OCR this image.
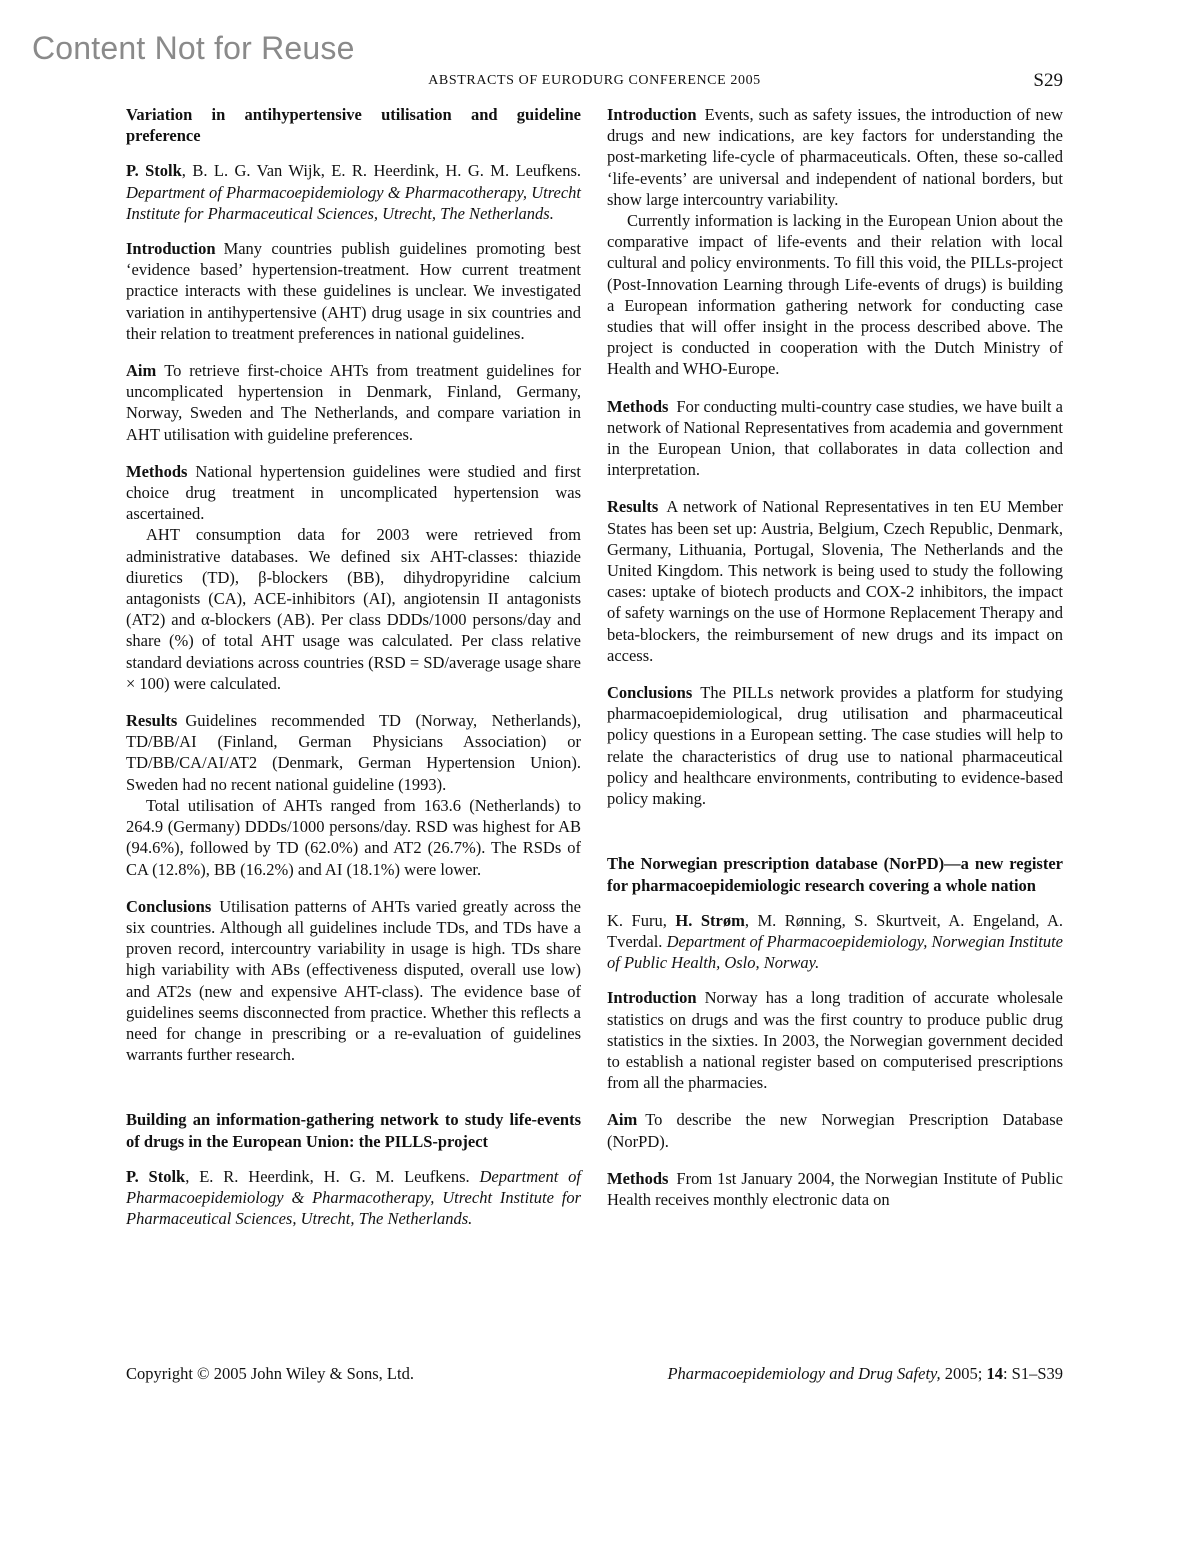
Content Not for Reuse
ABSTRACTS OF EURODURG CONFERENCE 2005	S29
Variation in antihypertensive utilisation and guideline preference
P. Stolk, B. L. G. Van Wijk, E. R. Heerdink, H. G. M. Leufkens. Department of Pharmacoepidemiology & Pharmacotherapy, Utrecht Institute for Pharmaceutical Sciences, Utrecht, The Netherlands.

Introduction Many countries publish guidelines promoting best ‘evidence based’ hypertension-treatment. How current treatment practice interacts with these guidelines is unclear. We investigated variation in antihypertensive (AHT) drug usage in six countries and their relation to treatment preferences in national guidelines.

Aim To retrieve first-choice AHTs from treatment guidelines for uncomplicated hypertension in Denmark, Finland, Germany, Norway, Sweden and The Netherlands, and compare variation in AHT utilisation with guideline preferences.

Methods National hypertension guidelines were studied and first choice drug treatment in uncomplicated hypertension was ascertained.

AHT consumption data for 2003 were retrieved from administrative databases. We defined six AHT-classes: thiazide diuretics (TD), β-blockers (BB), dihydropyridine calcium antagonists (CA), ACE-inhibitors (AI), angiotensin II antagonists (AT2) and α-blockers (AB). Per class DDDs/1000 persons/day and share (%) of total AHT usage was calculated. Per class relative standard deviations across countries (RSD = SD/average usage share × 100) were calculated.

Results Guidelines recommended TD (Norway, Netherlands), TD/BB/AI (Finland, German Physicians Association) or TD/BB/CA/AI/AT2 (Denmark, German Hypertension Union). Sweden had no recent national guideline (1993).

Total utilisation of AHTs ranged from 163.6 (Netherlands) to 264.9 (Germany) DDDs/1000 persons/day. RSD was highest for AB (94.6%), followed by TD (62.0%) and AT2 (26.7%). The RSDs of CA (12.8%), BB (16.2%) and AI (18.1%) were lower.

Conclusions Utilisation patterns of AHTs varied greatly across the six countries. Although all guidelines include TDs, and TDs have a proven record, intercountry variability in usage is high. TDs share high variability with ABs (effectiveness disputed, overall use low) and AT2s (new and expensive AHT-class). The evidence base of guidelines seems disconnected from practice. Whether this reflects a need for change in prescribing or a re-evaluation of guidelines warrants further research.

Building an information-gathering network to study life-events of drugs in the European Union: the PILLS-project
P. Stolk, E. R. Heerdink, H. G. M. Leufkens. Department of Pharmacoepidemiology & Pharmacotherapy, Utrecht Institute for Pharmaceutical Sciences, Utrecht, The Netherlands.

Introduction Events, such as safety issues, the introduction of new drugs and new indications, are key factors for understanding the post-marketing life-cycle of pharmaceuticals. Often, these so-called ‘life-events’ are universal and independent of national borders, but show large intercountry variability.

Currently information is lacking in the European Union about the comparative impact of life-events and their relation with local cultural and policy environments. To fill this void, the PILLs-project (Post-Innovation Learning through Life-events of drugs) is building a European information gathering network for conducting case studies that will offer insight in the process described above. The project is conducted in cooperation with the Dutch Ministry of Health and WHO-Europe.

Methods For conducting multi-country case studies, we have built a network of National Representatives from academia and government in the European Union, that collaborates in data collection and interpretation.

Results A network of National Representatives in ten EU Member States has been set up: Austria, Belgium, Czech Republic, Denmark, Germany, Lithuania, Portugal, Slovenia, The Netherlands and the United Kingdom. This network is being used to study the following cases: uptake of biotech products and COX-2 inhibitors, the impact of safety warnings on the use of Hormone Replacement Therapy and beta-blockers, the reimbursement of new drugs and its impact on access.

Conclusions The PILLs network provides a platform for studying pharmacoepidemiological, drug utilisation and pharmaceutical policy questions in a European setting. The case studies will help to relate the characteristics of drug use to national pharmaceutical policy and healthcare environments, contributing to evidence-based policy making.

The Norwegian prescription database (NorPD)—a new register for pharmacoepidemiologic research covering a whole nation
K. Furu, H. Strøm, M. Rønning, S. Skurtveit, A. Engeland, A. Tverdal. Department of Pharmacoepidemiology, Norwegian Institute of Public Health, Oslo, Norway.

Introduction Norway has a long tradition of accurate wholesale statistics on drugs and was the first country to produce public drug statistics in the sixties. In 2003, the Norwegian government decided to establish a national register based on computerised prescriptions from all the pharmacies.

Aim To describe the new Norwegian Prescription Database (NorPD).

Methods From 1st January 2004, the Norwegian Institute of Public Health receives monthly electronic data on

Copyright © 2005 John Wiley & Sons, Ltd.	Pharmacoepidemiology and Drug Safety, 2005; 14: S1–S39
